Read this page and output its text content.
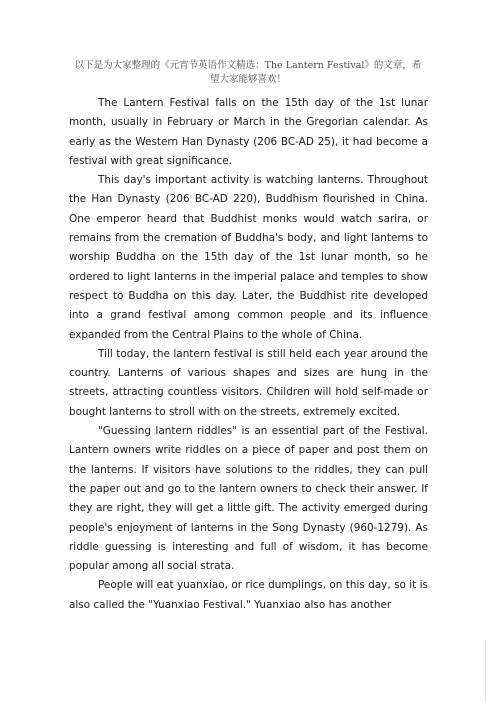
以下是为大家整理的《元宵节英语作文精选：The Lantern Festival》的文章，希望大家能够喜欢！

The Lantern Festival falls on the 15th day of the 1st lunar month, usually in February or March in the Gregorian calendar. As early as the Western Han Dynasty (206 BC-AD 25), it had become a festival with great significance.

This day's important activity is watching lanterns. Throughout the Han Dynasty (206 BC-AD 220), Buddhism flourished in China. One emperor heard that Buddhist monks would watch sarira, or remains from the cremation of Buddha's body, and light lanterns to worship Buddha on the 15th day of the 1st lunar month, so he ordered to light lanterns in the imperial palace and temples to show respect to Buddha on this day. Later, the Buddhist rite developed into a grand festival among common people and its influence expanded from the Central Plains to the whole of China.

Till today, the lantern festival is still held each year around the country. Lanterns of various shapes and sizes are hung in the streets, attracting countless visitors. Children will hold self-made or bought lanterns to stroll with on the streets, extremely excited.

"Guessing lantern riddles" is an essential part of the Festival. Lantern owners write riddles on a piece of paper and post them on the lanterns. If visitors have solutions to the riddles, they can pull the paper out and go to the lantern owners to check their answer. If they are right, they will get a little gift. The activity emerged during people's enjoyment of lanterns in the Song Dynasty (960-1279). As riddle guessing is interesting and full of wisdom, it has become popular among all social strata.

People will eat yuanxiao, or rice dumplings, on this day, so it is also called the "Yuanxiao Festival." Yuanxiao also has another
